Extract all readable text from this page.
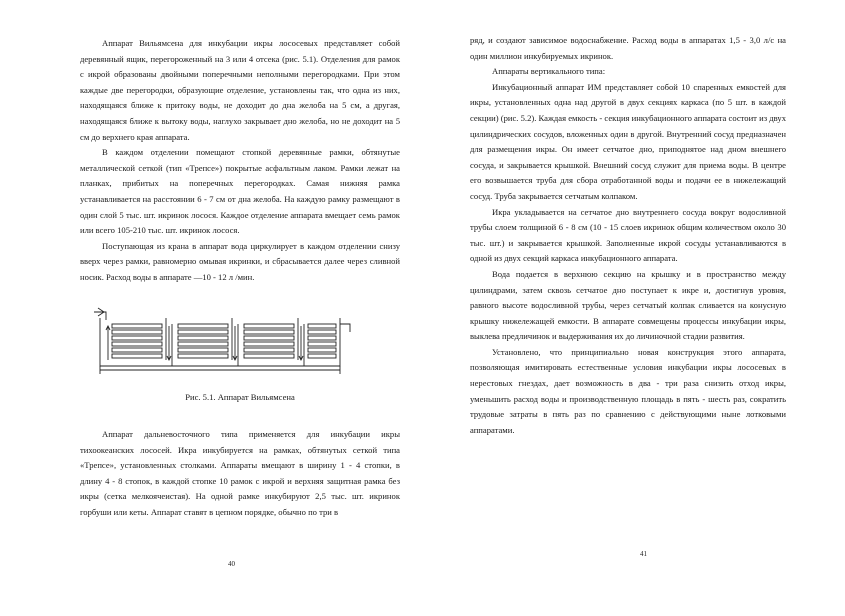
Аппарат Вильямсена для инкубации икры лососевых представляет собой деревянный ящик, перегороженный на 3 или 4 отсека (рис. 5.1). Отделения для рамок с икрой образованы двойными поперечными неполными перегородками. При этом каждые две перегородки, образующие отделение, установлены так, что одна из них, находящаяся ближе к притоку воды, не доходит до дна желоба на 5 см, а другая, находящаяся ближе к вытоку воды, наглухо закрывает дно желоба, но не доходит на 5 см до верхнего края аппарата.

В каждом отделении помещают стопкой деревянные рамки, обтянутые металлической сеткой (тип «Трепсе») покрытые асфальтным лаком. Рамки лежат на планках, прибитых на поперечных перегородках. Самая нижняя рамка устанавливается на расстоянии 6 - 7 см от дна желоба. На каждую рамку размещают в один слой 5 тыс. шт. икринок лосося. Каждое отделение аппарата вмещает семь рамок или всего 105-210 тыс. шт. икринок лосося.

Поступающая из крана в аппарат вода циркулирует в каждом отделении снизу вверх через рамки, равномерно омывая икринки, и сбрасывается далее через сливной носик. Расход воды в аппарате —10 - 12 л /мин.

Рис. 5.1. Аппарат Вильямсена

Аппарат дальневосточного типа применяется для инкубации икры тихоокеанских лососей. Икра инкубируется на рамках, обтянутых сеткой типа «Трепсе», установленных столками. Аппараты вмещают в ширину 1 - 4 стопки, в длину 4 - 8 стопок, в каждой стопке 10 рамок с икрой и верхняя защитная рамка без икры (сетка мелкоячеистая). На одной рамке инкубируют 2,5 тыс. шт. икринок горбуши или кеты. Аппарат ставят в цепном порядке, обычно по три в

40

ряд, и создают зависимое водоснабжение. Расход воды в аппаратах 1,5 - 3,0 л/с на один миллион инкубируемых икринок.

Аппараты вертикального типа:

Инкубационный аппарат ИМ представляет собой 10 спаренных емкостей для икры, установленных одна над другой в двух секциях каркаса (по 5 шт. в каждой секции) (рис. 5.2). Каждая емкость - секция инкубационного аппарата состоит из двух цилиндрических сосудов, вложенных один в другой. Внутренний сосуд предназначен для размещения икры. Он имеет сетчатое дно, приподнятое над дном внешнего сосуда, и закрывается крышкой. Внешний сосуд служит для приема воды. В центре его возвышается труба для сбора отработанной воды и подачи ее в нижележащий сосуд. Труба закрывается сетчатым колпаком.

Икра укладывается на сетчатое дно внутреннего сосуда вокруг водосливной трубы слоем толщиной 6 - 8 см (10 - 15 слоев икринок общим количеством около 30 тыс. шт.) и закрывается крышкой. Заполненные икрой сосуды устанавливаются в одной из двух секций каркаса инкубационного аппарата.

Вода подается в верхнюю секцию на крышку и в пространство между цилиндрами, затем сквозь сетчатое дно поступает к икре и, достигнув уровня, равного высоте водосливной трубы, через сетчатый колпак сливается на конусную крышку нижележащей емкости. В аппарате совмещены процессы инкубации икры, выклева предличинок и выдерживания их до личиночной стадии развития.

Установлено, что принципиально новая конструкция этого аппарата, позволяющая имитировать естественные условия инкубации икры лососевых в нерестовых гнездах, дает возможность в два - три раза снизить отход икры, уменьшить расход воды и производственную площадь в пять - шесть раз, сократить трудовые затраты в пять раз по сравнению с действующими ныне лотковыми аппаратами.

41
